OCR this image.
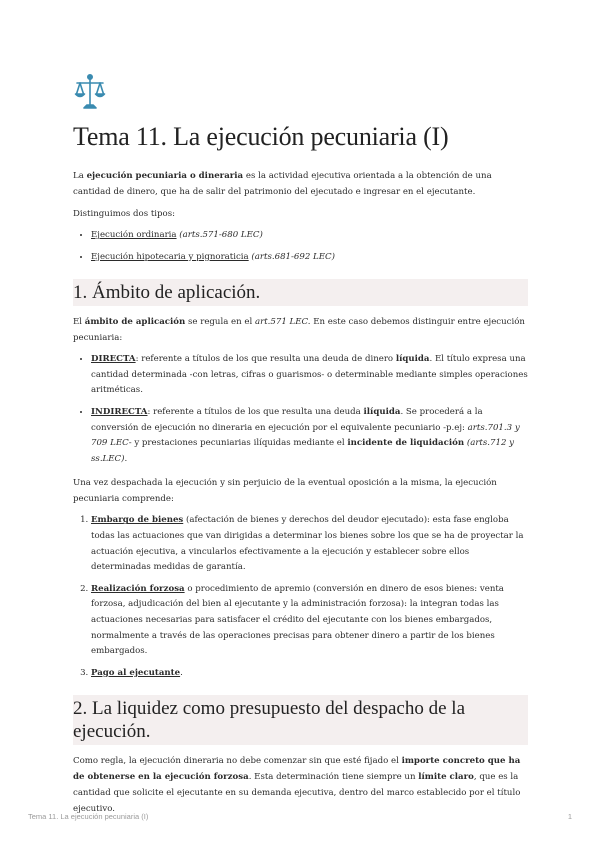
Tema 11. La ejecución pecuniaria (I)

La ejecución pecuniaria o dineraria es la actividad ejecutiva orientada a la obtención de una cantidad de dinero, que ha de salir del patrimonio del ejecutado e ingresar en el ejecutante.

Distinguimos dos tipos:

• Ejecución ordinaria (arts.571-680 LEC)
• Ejecución hipotecaria y pignoraticia (arts.681-692 LEC)
1. Ámbito de aplicación.

El ámbito de aplicación se regula en el art.571 LEC. En este caso debemos distinguir entre ejecución pecuniaria:

• DIRECTA: referente a títulos de los que resulta una deuda de dinero líquida. El título expresa una cantidad determinada -con letras, cifras o guarismos- o determinable mediante simples operaciones aritméticas.
• INDIRECTA: referente a títulos de los que resulta una deuda ilíquida. Se procederá a la conversión de ejecución no dineraria en ejecución por el equivalente pecuniario -p.ej: arts.701.3 y 709 LEC- y prestaciones pecuniarias ilíquidas mediante el incidente de liquidación (arts.712 y ss.LEC).

Una vez despachada la ejecución y sin perjuicio de la eventual oposición a la misma, la ejecución pecuniaria comprende:

1. Embargo de bienes (afectación de bienes y derechos del deudor ejecutado): esta fase engloba todas las actuaciones que van dirigidas a determinar los bienes sobre los que se ha de proyectar la actuación ejecutiva, a vincularlos efectivamente a la ejecución y establecer sobre ellos determinadas medidas de garantía.
2. Realización forzosa o procedimiento de apremio (conversión en dinero de esos bienes: venta forzosa, adjudicación del bien al ejecutante y la administración forzosa): la integran todas las actuaciones necesarias para satisfacer el crédito del ejecutante con los bienes embargados, normalmente a través de las operaciones precisas para obtener dinero a partir de los bienes embargados.
3. Pago al ejecutante.
2. La liquidez como presupuesto del despacho de la ejecución.

Como regla, la ejecución dineraria no debe comenzar sin que esté fijado el importe concreto que ha de obtenerse en la ejecución forzosa. Esta determinación tiene siempre un límite claro, que es la cantidad que solicite el ejecutante en su demanda ejecutiva, dentro del marco establecido por el título ejecutivo.

Tema 11. La ejecución pecuniaria (I)	1
